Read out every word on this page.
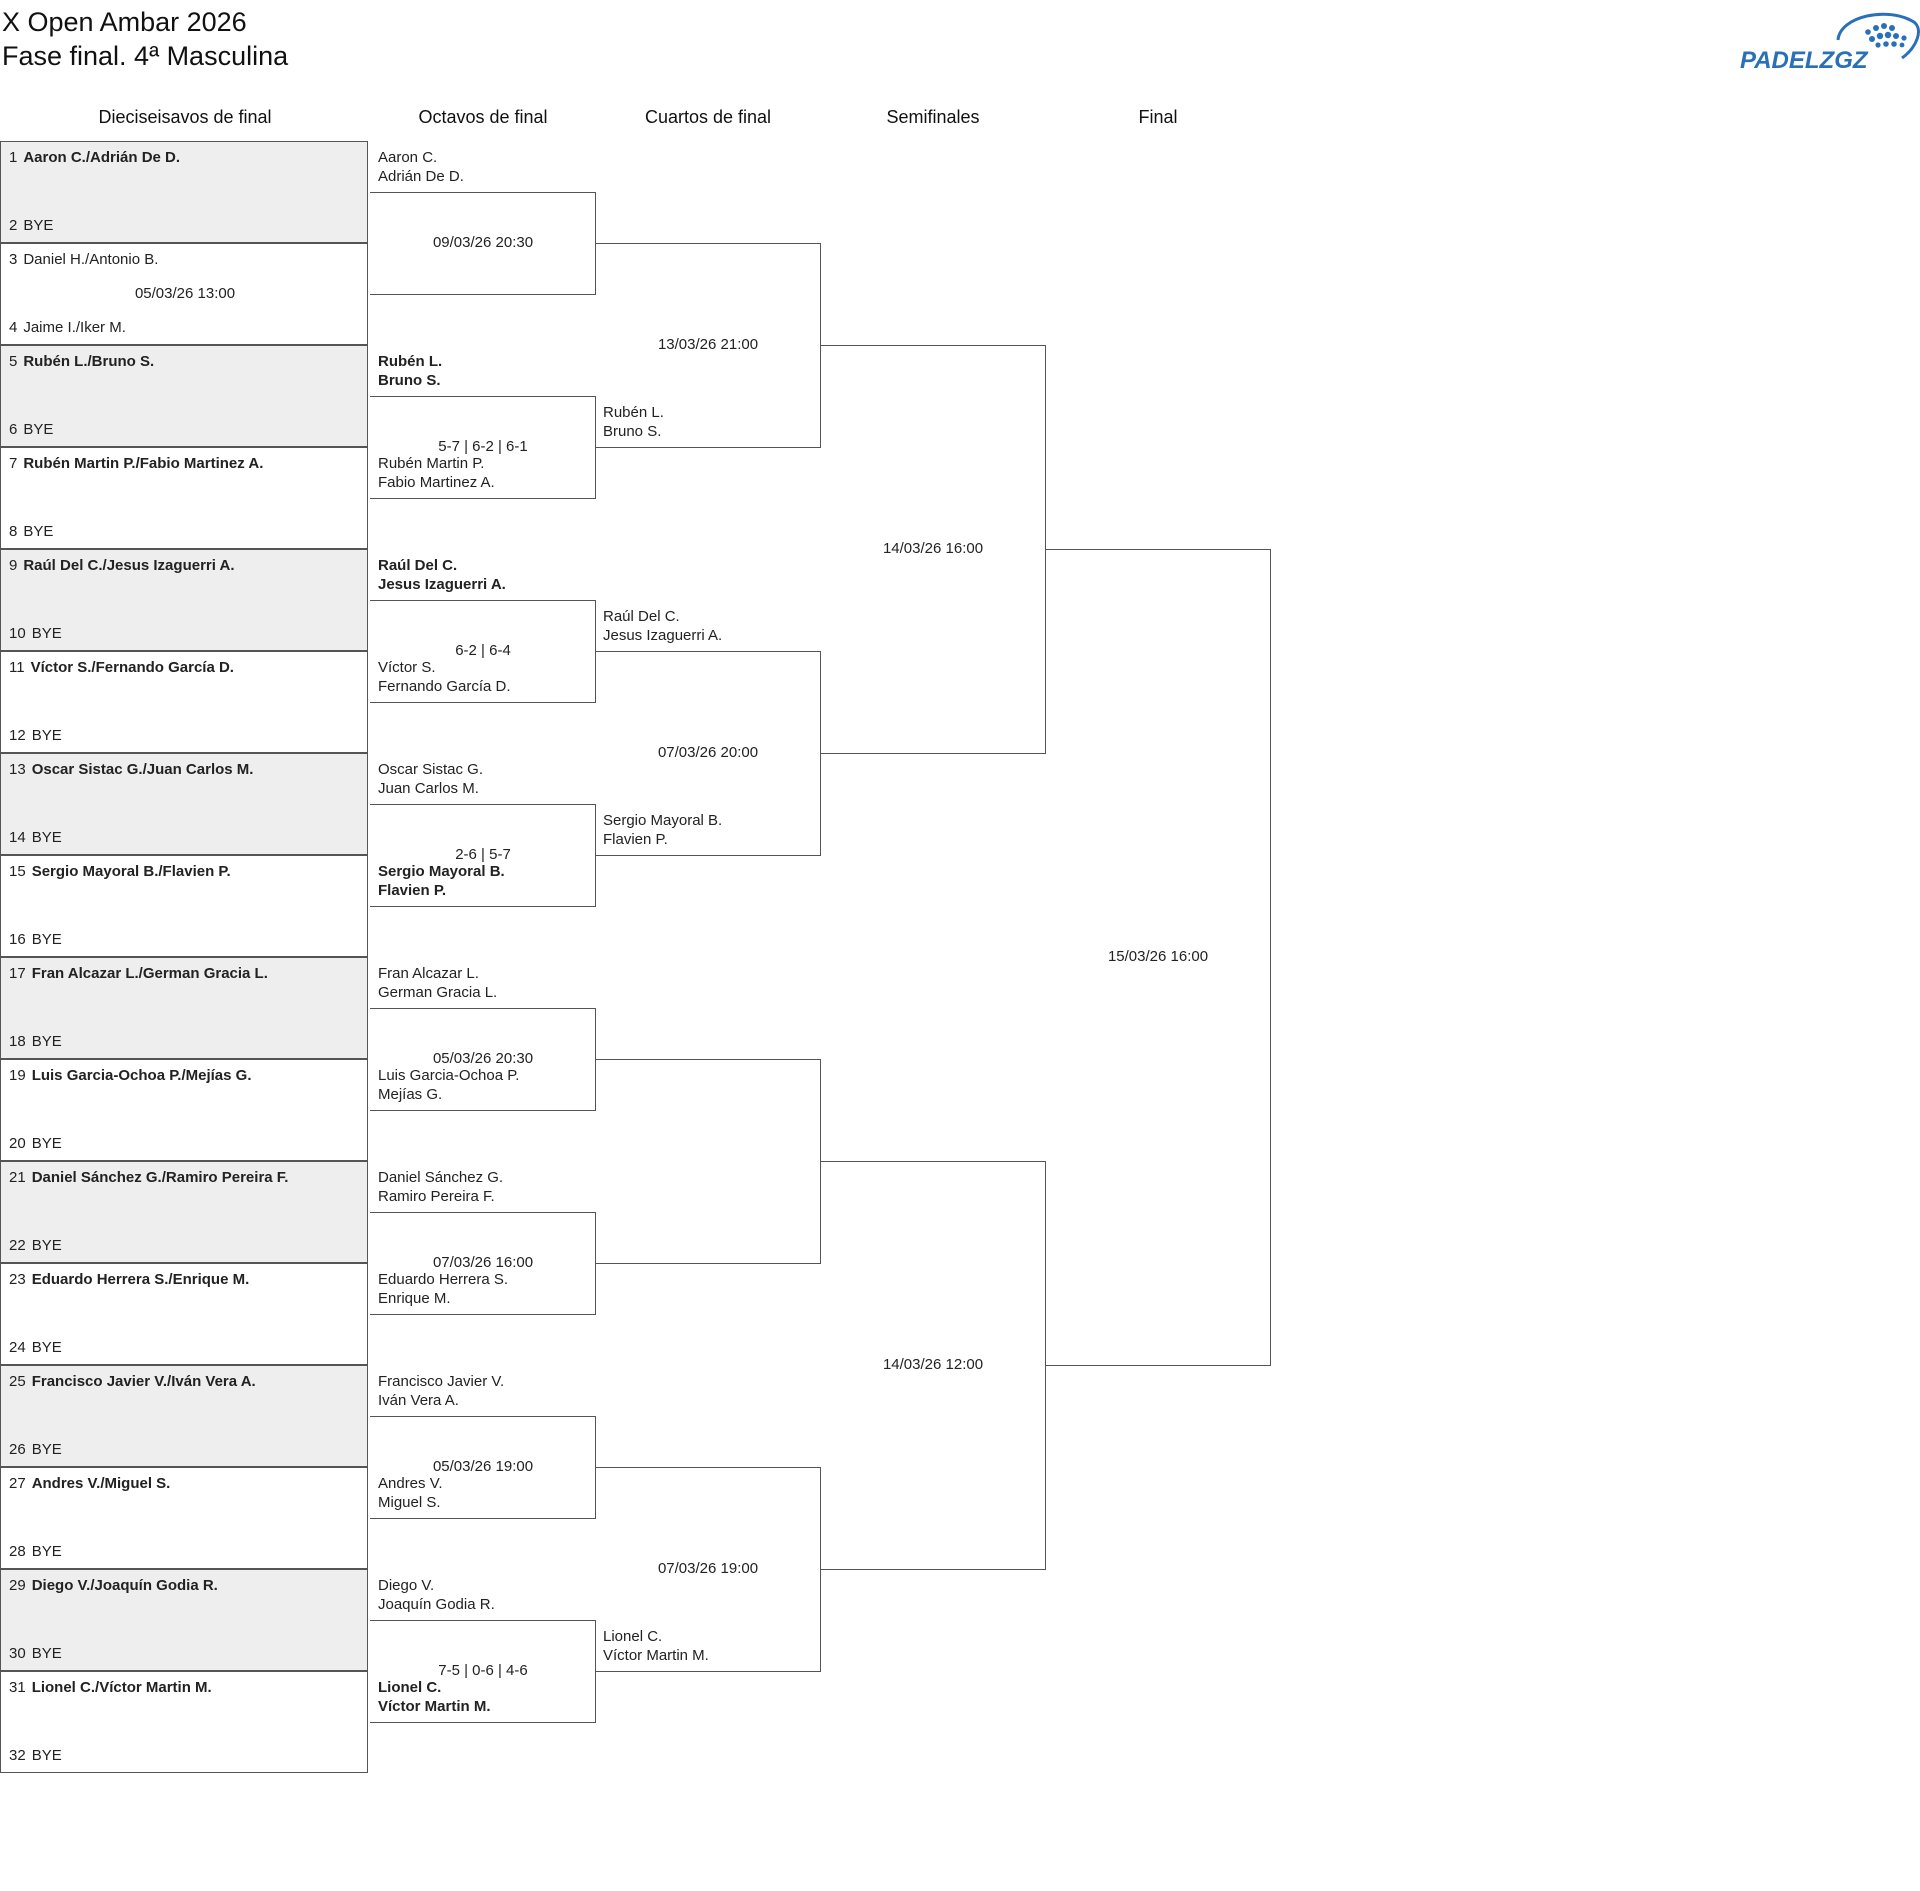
X Open Ambar 2026
Fase final. 4ª Masculina	PADELZGZ
Dieciseisavos de final	Octavos de final	Cuartos de final	Semifinales	Final
1 Aaron C./Adrián De D.
2 BYE
3 Daniel H./Antonio B.
4 Jaime I./Iker M.
05/03/26 13:00
5 Rubén L./Bruno S.
6 BYE
7 Rubén Martin P./Fabio Martinez A.
8 BYE
9 Raúl Del C./Jesus Izaguerri A.
10 BYE
11 Víctor S./Fernando García D.
12 BYE
13 Oscar Sistac G./Juan Carlos M.
14 BYE
15 Sergio Mayoral B./Flavien P.
16 BYE
17 Fran Alcazar L./German Gracia L.
18 BYE
19 Luis Garcia-Ochoa P./Mejías G.
20 BYE
21 Daniel Sánchez G./Ramiro Pereira F.
22 BYE
23 Eduardo Herrera S./Enrique M.
24 BYE
25 Francisco Javier V./Iván Vera A.
26 BYE
27 Andres V./Miguel S.
28 BYE
29 Diego V./Joaquín Godia R.
30 BYE
31 Lionel C./Víctor Martin M.
32 BYE
09/03/26 20:30
Aaron C.
Adrián De D.
5-7 | 6-2 | 6-1
Rubén L.
Bruno S.
Rubén Martin P.
Fabio Martinez A.
6-2 | 6-4
Raúl Del C.
Jesus Izaguerri A.
Víctor S.
Fernando García D.
2-6 | 5-7
Oscar Sistac G.
Juan Carlos M.
Sergio Mayoral B.
Flavien P.
05/03/26 20:30
Fran Alcazar L.
German Gracia L.
Luis Garcia-Ochoa P.
Mejías G.
07/03/26 16:00
Daniel Sánchez G.
Ramiro Pereira F.
Eduardo Herrera S.
Enrique M.
05/03/26 19:00
Francisco Javier V.
Iván Vera A.
Andres V.
Miguel S.
7-5 | 0-6 | 4-6
Diego V.
Joaquín Godia R.
Lionel C.
Víctor Martin M.
13/03/26 21:00
Rubén L.
Bruno S.
07/03/26 20:00
Raúl Del C.
Jesus Izaguerri A.
Sergio Mayoral B.
Flavien P.
07/03/26 19:00
Lionel C.
Víctor Martin M.
14/03/26 16:00
14/03/26 12:00
15/03/26 16:00
